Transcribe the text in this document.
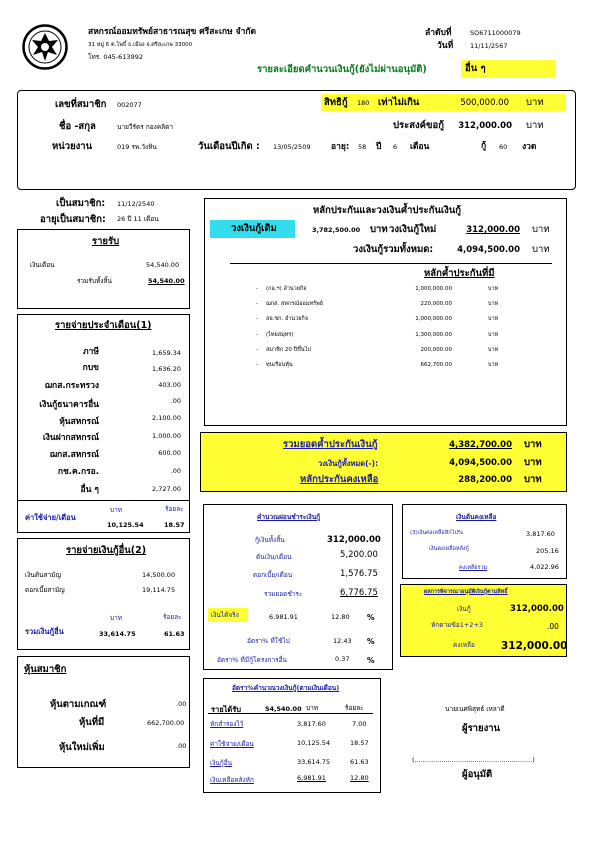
สหกรณ์ออมทรัพย์สาธารณสุข ศรีสะเกษ จำกัด
31 หมู่ 6 ต.โพธิ์ ธ.เมือง จ.ศรีสะเกษ 33000
โทร. 045-613992
ลำดับที่	SO6711000079
วันที่	11/11/2567
รายละเอียดคำนวนเงินกู้(ยังไม่ผ่านอนุมัติ)	อื่น ๆ
เลขที่สมาชิก 002077
ชื่อ -สกุล	นายวีรัตร กองคลิตา
หน่วยงาน	019 รพ.วังหิน	วันเดือนปีเกิด : 13/05/2509 อายุ: 58 ปี 6 เดือน	กู้ 60 งวด
สิทธิกู้ 180 เท่าไม่เกิน	500,000.00 บาท
ประสงค์ขอกู้ 312,000.00 บาท
เป็นสมาชิก: 11/12/2540
อายุเป็นสมาชิก: 26 ปี 11 เดือน
รายรับ
เงินเดือน	54,540.00
รวมรับทั้งสิ้น	54,540.00
รายจ่ายประจำเดือน(1)
ภาษี	1,659.34
กบข	1,636.20
ฌกส.กระทรวง	403.00
เงินกู้ธนาคารอื่น	.00
หุ้นสหกรณ์	2,100.00
เงินฝากสหกรณ์	1,000.00
ฌกส.สหกรณ์	600.00
กช.ค.กรอ.	.00
อื่น ๆ	2,727.00
ค่าใช้จ่าย/เดือน
บาท	ร้อยละ
10,125.54	18.57
รายจ่ายเงินกู้อื่น(2)
เงินต้นสามัญ	14,500.00
ดอกเบี้ยสามัญ	19,114.75
บาท	ร้อยละ
รวมเงินกู้อื่น	33,614.75	61.63
หุ้นสมาชิก
หุ้นตามเกณฑ์	.00
หุ้นที่มี	662,700.00
หุ้นใหม่เพิ่ม	.00
หลักประกันและวงเงินค้ำประกันเงินกู้
วงเงินกู้เดิม	3,782,500.00 บาท วงเงินกู้ใหม่	312,000.00 บาท
วงเงินกู้รวมทั้งหมด:	4,094,500.00 บาท
หลักค้ำประกันที่มี
- (กอ.ฯ) อำนวยกิจ	1,000,000.00	บาท
- ฌกส. สหกรณ์ออมทรัพย์	220,000.00	บาท
- สอ.ชก. อำนวยกิจ	1,000,000.00	บาท
- (ไทยสมุทร)	1,300,000.00	บาท
- สมาชิก 20 ปีขึ้นไป	200,000.00	บาท
- ทุนเรือนหุ้น	662,700.00	บาท
รวมยอดค้ำประกันเงินกู้	4,382,700.00 บาท
วงเงินกู้ทั้งหมด(-):	4,094,500.00 บาท
หลักประกันคงเหลือ	288,200.00 บาท
คำนวณผ่อนชำระเงินกู้
กู้เงินทั้งสิ้น	312,000.00
ต้นเงิน/เดือน	5,200.00
ดอกเบี้ย/เดือน	1,576.75
รวมยอดชำระ	6,776.75
เงินได้จริง	6,981.91	12.80 %
อัตรา% ที่ใช้ไป	12.43 %
อัตรา% ที่มีกู้โครงการอื่น	0.37 %
เงินต้นคงเหลือ
(3)เงินคงเหลือหักไป%	3,817.60
เงินคงเหลือหลังกู้	205.16
คงเหลือรวม	4,022.96
ผลการพิจารณาอนุมัติเงินกู้ตามสิทธิ์
เงินกู้	312,000.00
หักตามข้อ1+2+3	.00
คงเหลือ 312,000.00
อัตรา%คำนวณวงเงินกู้(ตามเงินเดือน)
รายได้รับ	54,540.00 บาท	ร้อยละ
หักสำรองไว้	3,817.60	7.00
ค่าใช้จ่าย/เดือน	10,125.54	18.57
เงินกู้อื่น	33,614.75	61.63
เงินเหลือหลังหัก	6,981.91	12.80
นายเนศพิสุทธ์ เหลาดี
ผู้รายงาน
(.........................................................)
ผู้อนุมัติ
